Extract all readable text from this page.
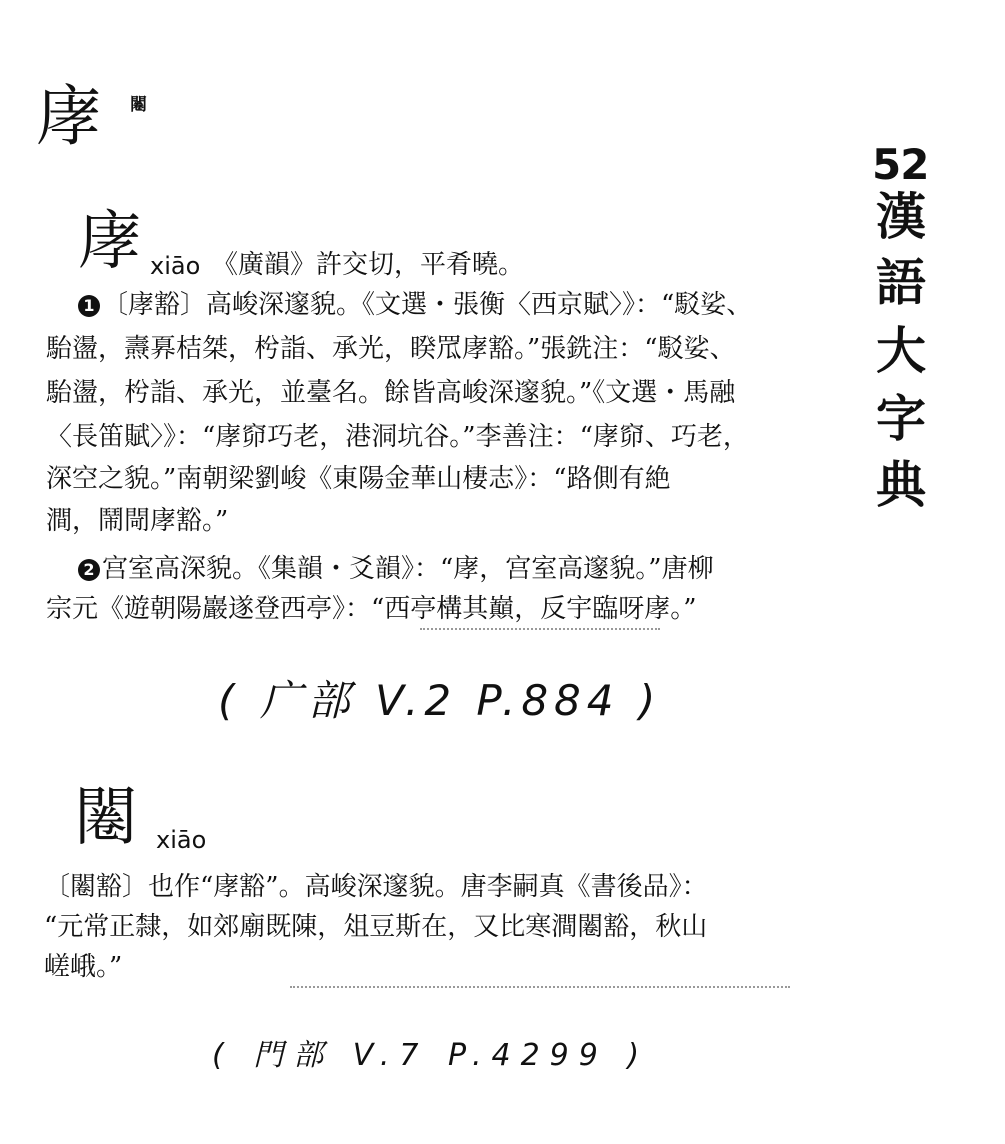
庨 闂
52
漢
語
大
字
典
庨 xiāo 《廣韻》許交切，平肴曉。
1 〔庨豁〕高峻深邃貌。《文選・張衡〈西京賦〉》：“駁娑、
駘盪，燾奡桔桀，枍詣、承光，睽罛庨豁。”張銑注：“駁娑、
駘盪，枍詣、承光，並臺名。餘皆高峻深邃貌。”《文選・馬融
〈長笛賦〉》：“庨窌巧老，港洞坑谷。”李善注：“庨窌、巧老，
深空之貌。”南朝梁劉峻《東陽金華山棲志》：“路側有絶
澗，鬧閜庨豁。”
2 宫室高深貌。《集韻・爻韻》：“庨，宫室高邃貌。”唐柳
宗元《遊朝陽巖遂登西亭》：“西亭構其巔，反宇臨呀庨。”
( 广部 V.2 P.884 )
闂 xiāo
〔闂豁〕也作“庨豁”。高峻深邃貌。唐李嗣真《書後品》：
“元常正隸，如郊廟既陳，俎豆斯在，又比寒澗闂豁，秋山
嵯峨。”
( 門部 V.7 P.4299 )
